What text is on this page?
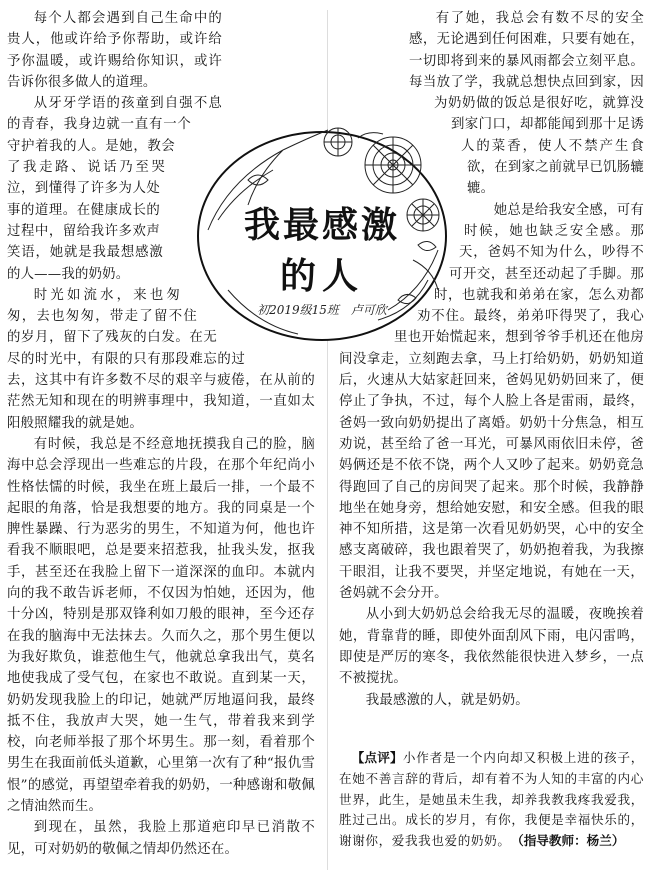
每个人都会遇到自己生命中的贵人，他或许给予你帮助，或许给予你温暖，或许赐给你知识，或许告诉你很多做人的道理。

从牙牙学语的孩童到自强不息的青春，我身边就一直有一个守护着我的人。是她，教会了我走路、说话乃至哭泣，到懂得了许多为人处事的道理。在健康成长的过程中，留给我许多欢声笑语，她就是我最想感激的人——我的奶奶。

时光如流水，来也匆匆，去也匆匆，带走了留不住的岁月，留下了残灰的白发。在无尽的时光中，有限的只有那段难忘的过去，这其中有许多数不尽的艰辛与疲倦，在从前的茫然无知和现在的明辨事理中，我知道，一直如太阳般照耀我的就是她。

有时候，我总是不经意地抚摸我自己的脸，脑海中总会浮现出一些难忘的片段，在那个年纪尚小性格怯懦的时候，我坐在班上最后一排，一个最不起眼的角落，恰是我想要的地方。我的同桌是一个脾性暴躁、行为恶劣的男生，不知道为何，他也许看我不顺眼吧，总是要来招惹我，扯我头发，抠我手，甚至还在我脸上留下一道深深的血印。本就内向的我不敢告诉老师，不仅因为怕她，还因为，他十分凶，特别是那双锋利如刀般的眼神，至今还存在我的脑海中无法抹去。久而久之，那个男生便以为我好欺负，谁惹他生气，他就总拿我出气，莫名地使我成了受气包，在家也不敢说。直到某一天，奶奶发现我脸上的印记，她就严厉地逼问我，最终抵不住，我放声大哭，她一生气，带着我来到学校，向老师举报了那个坏男生。那一刻，看着那个男生在我面前低头道歉，心里第一次有了种“报仇雪恨”的感觉，再望望牵着我的奶奶，一种感谢和敬佩之情油然而生。

到现在，虽然，我脸上那道疤印早已消散不见，可对奶奶的敬佩之情却仍然还在。

有了她，我总会有数不尽的安全感，无论遇到任何困难，只要有她在，一切即将到来的暴风雨都会立刻平息。每当放了学，我就总想快点回到家，因为奶奶做的饭总是很好吃，就算没到家门口，却都能闻到那十足诱人的菜香，使人不禁产生食欲，在到家之前就早已饥肠辘辘。

她总是给我安全感，可有时候，她也缺乏安全感。那天，爸妈不知为什么，吵得不可开交，甚至还动起了手脚。那时，也就我和弟弟在家，怎么劝都劝不住。最终，弟弟吓得哭了，我心里也开始慌起来，想到爷爷手机还在他房间没拿走，立刻跑去拿，马上打给奶奶，奶奶知道后，火速从大姑家赶回来，爸妈见奶奶回来了，便停止了争执，不过，每个人脸上各是雷雨，最终，爸妈一致向奶奶提出了离婚。奶奶十分焦急，相互劝说，甚至给了爸一耳光，可暴风雨依旧未停，爸妈俩还是不依不饶，两个人又吵了起来。奶奶竟急得跑回了自己的房间哭了起来。那个时候，我静静地坐在她身旁，想给她安慰，和安全感。但我的眼神不知所措，这是第一次看见奶奶哭，心中的安全感支离破碎，我也跟着哭了，奶奶抱着我，为我擦干眼泪，让我不要哭，并坚定地说，有她在一天，爸妈就不会分开。

从小到大奶奶总会给我无尽的温暖，夜晚挨着她，背靠背的睡，即使外面刮风下雨，电闪雷鸣，即使是严厉的寒冬，我依然能很快进入梦乡，一点不被搅扰。

我最感激的人，就是奶奶。

我最感激
的人
初2019级15班　卢可欣

【点评】小作者是一个内向却又积极上进的孩子，在她不善言辞的背后，却有着不为人知的丰富的内心世界，此生，是她虽未生我，却养我教我疼我爱我，胜过己出。成长的岁月，有你，我便是幸福快乐的，谢谢你，爱我我也爱的奶奶。　 （指导教师：杨兰）
